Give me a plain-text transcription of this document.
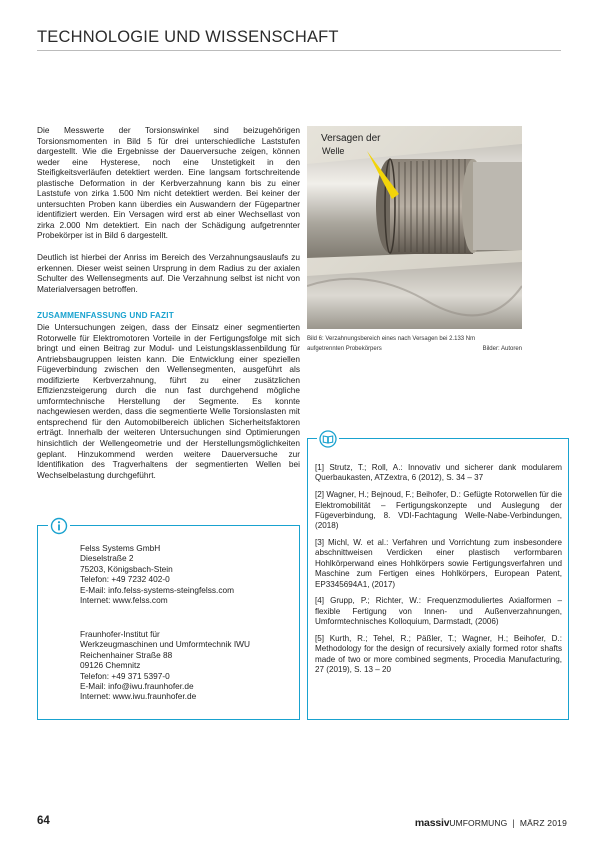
TECHNOLOGIE UND WISSENSCHAFT

Die Messwerte der Torsionswinkel sind beizugehörigen Torsionsmomenten in Bild 5 für drei unterschiedliche Laststufen dargestellt. Wie die Ergebnisse der Dauerversuche zeigen, können weder eine Hysterese, noch eine Unstetigkeit in den Steifigkeitsverläufen detektiert werden. Eine langsam fortschreitende plastische Deformation in der Kerbverzahnung kann bis zu einer Laststufe von zirka 1.500 Nm nicht detektiert werden. Bei keiner der untersuchten Proben kann überdies ein Auswandern der Fügepartner identifiziert werden. Ein Versagen wird erst ab einer Wechsellast von zirka 2.000 Nm detektiert. Ein nach der Schädigung aufgetrennter Probekörper ist in Bild 6 dargestellt.

Deutlich ist hierbei der Anriss im Bereich des Verzahnungsauslaufs zu erkennen. Dieser weist seinen Ursprung in dem Radius zu der axialen Schulter des Wellensegments auf. Die Verzahnung selbst ist nicht von Materialversagen betroffen.

ZUSAMMENFASSUNG UND FAZIT

Die Untersuchungen zeigen, dass der Einsatz einer segmentierten Rotorwelle für Elektromotoren Vorteile in der Fertigungsfolge mit sich bringt und einen Beitrag zur Modul- und Leistungsklassenbildung für Antriebsbaugruppen leisten kann. Die Entwicklung einer speziellen Fügeverbindung zwischen den Wellensegmenten, ausgeführt als modifizierte Kerbverzahnung, führt zu einer zusätzlichen Effizienzsteigerung durch die nun fast durchgehend mögliche umformtechnische Herstellung der Segmente. Es konnte nachgewiesen werden, dass die segmentierte Welle Torsionslasten mit entsprechend für den Automobilbereich üblichen Sicherheitsfaktoren erträgt. Innerhalb der weiteren Untersuchungen sind Optimierungen hinsichtlich der Wellengeometrie und der Herstellungsmöglichkeiten geplant. Hinzukommend werden weitere Dauerversuche zur Identifikation des Tragverhaltens der segmentierten Wellen bei Wechselbelastung durchgeführt.

Versagen der
Welle
Bild 6: Verzahnungsbereich eines nach Versagen bei 2.133 Nm
aufgetrennten Probekörpers	Bilder: Autoren
Felss Systems GmbH
Dieselstraße 2
75203, Königsbach-Stein
Telefon: +49 7232 402-0
E-Mail: info.felss-systems-steingfelss.com
Internet: www.felss.com
Fraunhofer-Institut für
Werkzeugmaschinen und Umformtechnik IWU
Reichenhainer Straße 88
09126 Chemnitz
Telefon: +49 371 5397-0
E-Mail: info@iwu.fraunhofer.de
Internet: www.iwu.fraunhofer.de

[1] Strutz, T.; Roll, A.: Innovativ und sicherer dank modularem Querbaukasten, ATZextra, 6 (2012), S. 34 – 37

[2] Wagner, H.; Bejnoud, F.; Beihofer, D.: Gefügte Rotorwellen für die Elektromobilität – Fertigungskonzepte und Auslegung der Fügeverbindung, 8. VDI-Fachtagung Welle-Nabe-Verbindungen, (2018)

[3] Michl, W. et al.: Verfahren und Vorrichtung zum insbesondere abschnittweisen Verdicken einer plastisch verformbaren Hohlkörperwand eines Hohlkörpers sowie Fertigungsverfahren und Maschine zum Fertigen eines Hohlkörpers, European Patent, EP3345694A1, (2017)

[4] Grupp, P.; Richter, W.: Frequenzmoduliertes Axialformen – flexible Fertigung von Innen- und Außenverzahnungen, Umformtechnisches Kolloquium, Darmstadt, (2006)

[5] Kurth, R.; Tehel, R.; Päßler, T.; Wagner, H.; Beihofer, D.: Methodology for the design of recursively axially formed rotor shafts made of two or more combined segments, Procedia Manufacturing, 27 (2019), S. 13 – 20

64	massiv UMFORMUNG | MÄRZ 2019
